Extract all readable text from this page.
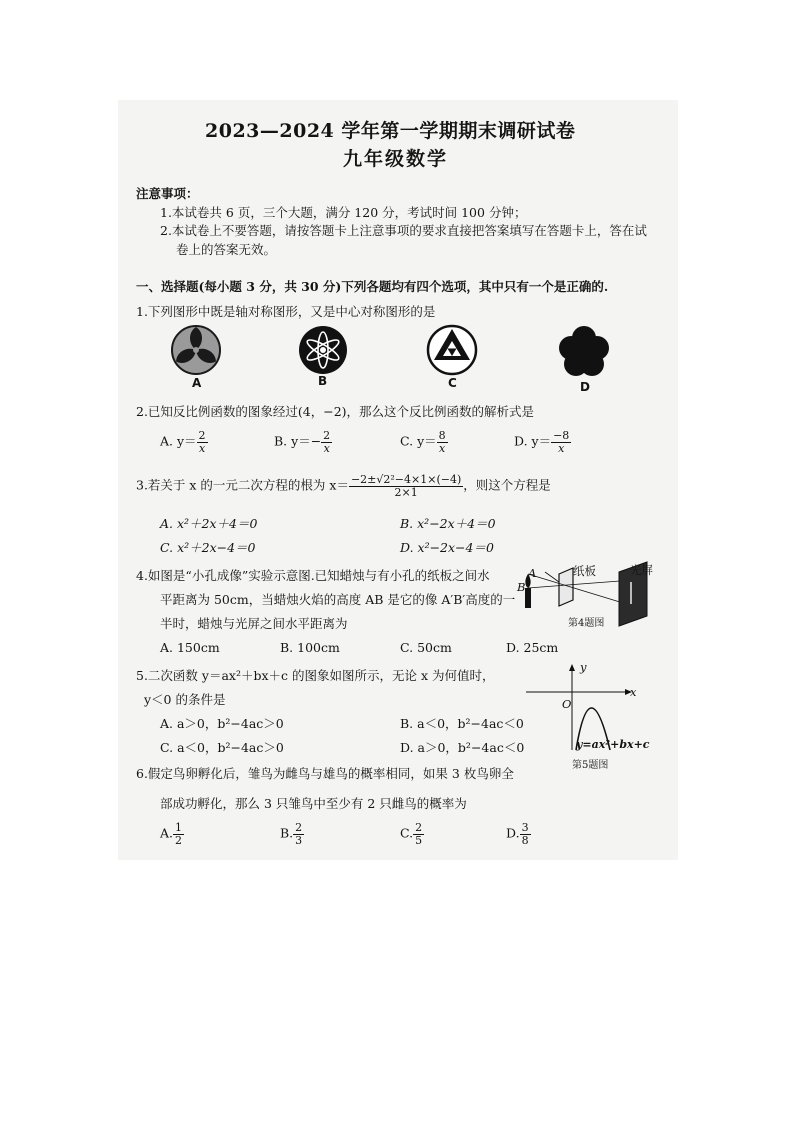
2023—2024 学年第一学期期末调研试卷
九年级数学
注意事项：
1.本试卷共 6 页，三个大题，满分 120 分，考试时间 100 分钟；
2.本试卷上不要答题，请按答题卡上注意事项的要求直接把答案填写在答题卡上，答在试
卷上的答案无效。
一、选择题(每小题 3 分，共 30 分)下列各题均有四个选项，其中只有一个是正确的.
1.下列图形中既是轴对称图形，又是中心对称图形的是
A	B	C	D
2.已知反比例函数的图象经过(4，−2)，那么这个反比例函数的解析式是
A. $y= \frac{2}{x}$	B. $y=- \frac{2}{x}$	C. $y= \frac{8}{x}$	D. $y= \frac{-8}{x}$
3.若关于 x 的一元二次方程的根为 $x= \frac{\text{−2±√2²−4×1×(−4)}}{2\times 1}$ ，则这个方程是
A. x²＋2x＋4＝0	B. x²−2x＋4＝0
C. x²＋2x−4＝0	D. x²−2x−4＝0
4.如图是“小孔成像”实验示意图.已知蜡烛与有小孔的纸板之间水
平距离为 50cm，当蜡烛火焰的高度 AB 是它的像 A′B′高度的一
半时，蜡烛与光屏之间水平距离为
A. 150cm	B. 100cm	C. 50cm	D. 25cm
纸板	光屏
A
B
第4题图
5.二次函数 y＝ax²＋bx＋c 的图象如图所示，无论 x 为何值时，
y＜0 的条件是
A. a＞0，b²−4ac＞0	B. a＜0，b²−4ac＜0
C. a＜0，b²−4ac＞0	D. a＞0，b²−4ac＜0
x
y
O
y=ax²+bx+c
第5题图
6.假定鸟卵孵化后，雏鸟为雌鸟与雄鸟的概率相同，如果 3 枚鸟卵全
部成功孵化，那么 3 只雏鸟中至少有 2 只雌鸟的概率为
A. $\frac{1}{2}$	B. $\frac{2}{3}$	C. $\frac{2}{5}$	D. $\frac{3}{8}$
